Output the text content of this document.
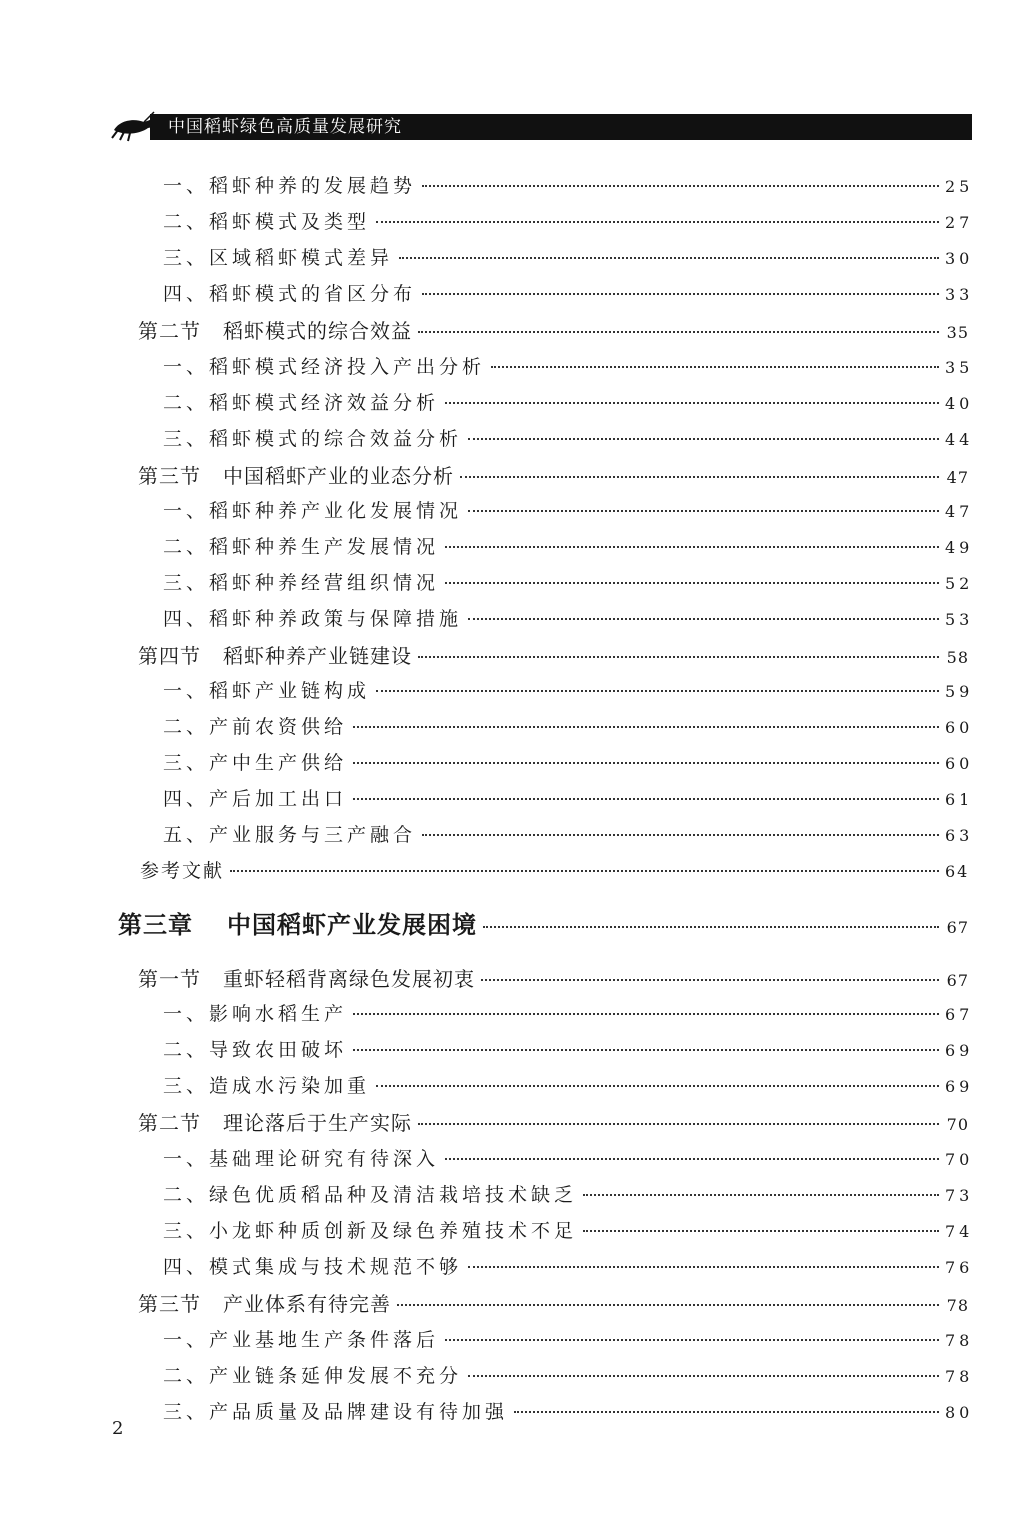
中国稻虾绿色高质量发展研究
一、稻虾种养的发展趋势	25
二、稻虾模式及类型	27
三、区域稻虾模式差异	30
四、稻虾模式的省区分布	33
第二节 稻虾模式的综合效益	35
一、稻虾模式经济投入产出分析	35
二、稻虾模式经济效益分析	40
三、稻虾模式的综合效益分析	44
第三节 中国稻虾产业的业态分析	47
一、稻虾种养产业化发展情况	47
二、稻虾种养生产发展情况	49
三、稻虾种养经营组织情况	52
四、稻虾种养政策与保障措施	53
第四节 稻虾种养产业链建设	58
一、稻虾产业链构成	59
二、产前农资供给	60
三、产中生产供给	60
四、产后加工出口	61
五、产业服务与三产融合	63
参考文献	64
第三章 中国稻虾产业发展困境	67
第一节 重虾轻稻背离绿色发展初衷	67
一、影响水稻生产	67
二、导致农田破坏	69
三、造成水污染加重	69
第二节 理论落后于生产实际	70
一、基础理论研究有待深入	70
二、绿色优质稻品种及清洁栽培技术缺乏	73
三、小龙虾种质创新及绿色养殖技术不足	74
四、模式集成与技术规范不够	76
第三节 产业体系有待完善	78
一、产业基地生产条件落后	78
二、产业链条延伸发展不充分	78
三、产品质量及品牌建设有待加强	80
2
